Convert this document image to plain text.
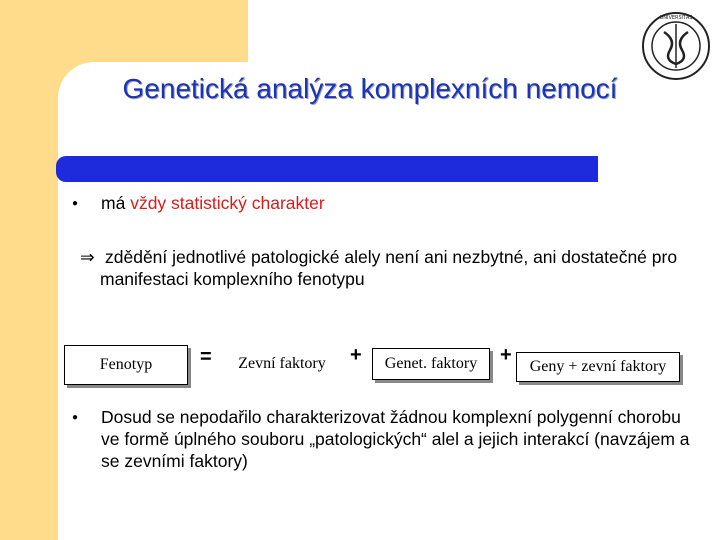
UNIVERSITAS
Genetická analýza komplexních nemocí
● má vždy statistický charakter
⇒ zdědění jednotlivé patologické alely není ani nezbytné, ani dostatečné pro manifestaci komplexního fenotypu
Fenotyp	=	Zevní faktory	+	Genet. faktory	+
Geny + zevní faktory
● Dosud se nepodařilo charakterizovat žádnou komplexní polygenní chorobu ve formě úplného souboru „patologických“ alel a jejich interakcí (navzájem a se zevními faktory)
